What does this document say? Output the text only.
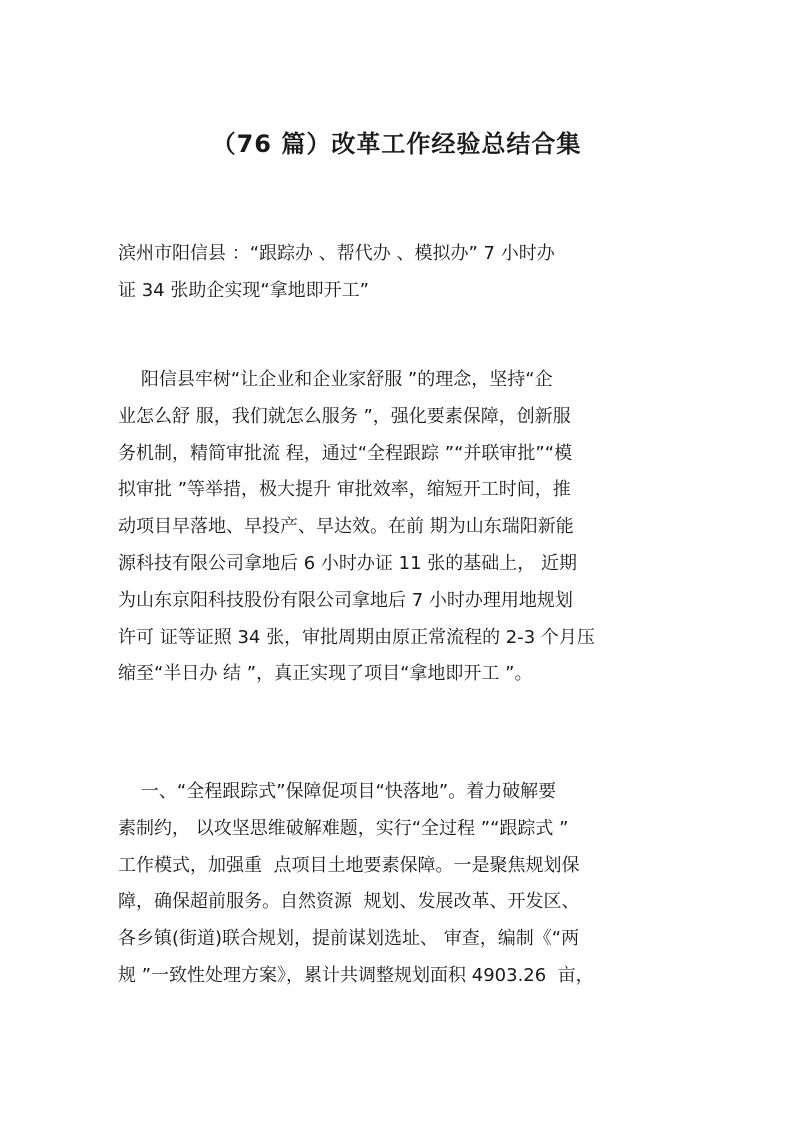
（76 篇）改革工作经验总结合集
滨州市阳信县 ：“跟踪办 、帮代办 、模拟办” 7 小时办
证 34 张助企实现“拿地即开工”
阳信县牢树“让企业和企业家舒服 ”的理念，坚持“企
业怎么舒 服，我们就怎么服务 ”，强化要素保障，创新服
务机制，精简审批流 程，通过“全程跟踪 ”“并联审批”“模
拟审批 ”等举措，极大提升 审批效率，缩短开工时间，推
动项目早落地、早投产、早达效。在前 期为山东瑞阳新能
源科技有限公司拿地后 6 小时办证 11 张的基础上， 近期
为山东京阳科技股份有限公司拿地后 7 小时办理用地规划
许可 证等证照 34 张，审批周期由原正常流程的 2-3 个月压
缩至“半日办 结 ”，真正实现了项目“拿地即开工 ”。
一、“全程跟踪式”保障促项目“快落地”。着力破解要
素制约， 以攻坚思维破解难题，实行“全过程 ”“跟踪式 ”
工作模式，加强重  点项目土地要素保障。一是聚焦规划保
障，确保超前服务。自然资源  规划、发展改革、开发区、
各乡镇(街道)联合规划，提前谋划选址、 审查，编制《“两
规 ”一致性处理方案》，累计共调整规划面积 4903.26  亩，
